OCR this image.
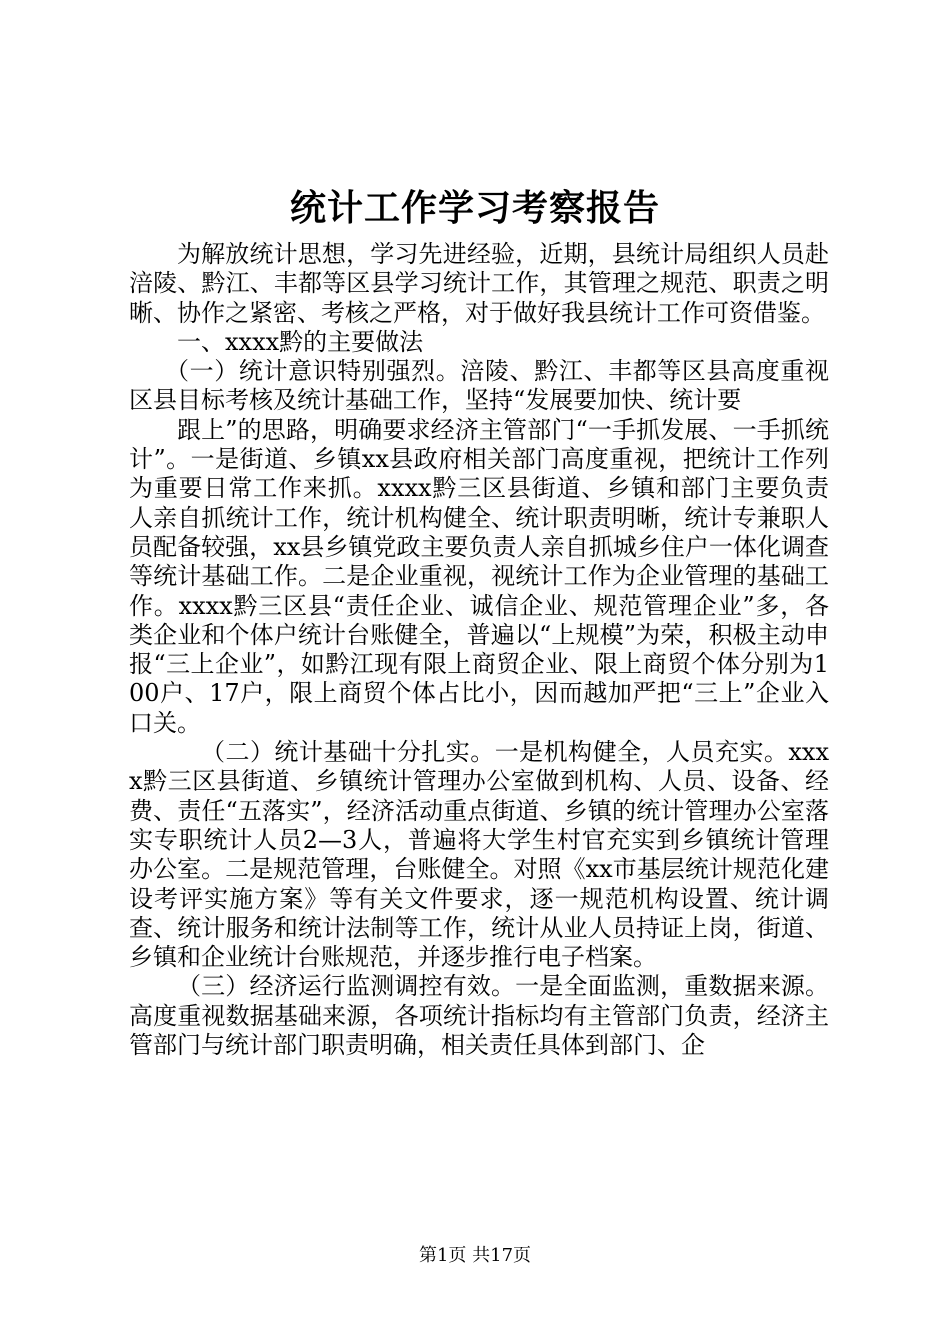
统计工作学习考察报告

为解放统计思想，学习先进经验，近期，县统计局组织人员赴涪陵、黔江、丰都等区县学习统计工作，其管理之规范、职责之明晰、协作之紧密、考核之严格，对于做好我县统计工作可资借鉴。

一、xxxx黔的主要做法

（一）统计意识特别强烈。涪陵、黔江、丰都等区县高度重视区县目标考核及统计基础工作，坚持“发展要加快、统计要

跟上”的思路，明确要求经济主管部门“一手抓发展、一手抓统计”。一是街道、乡镇xx县政府相关部门高度重视，把统计工作列为重要日常工作来抓。xxxx黔三区县街道、乡镇和部门主要负责人亲自抓统计工作，统计机构健全、统计职责明晰，统计专兼职人员配备较强，xx县乡镇党政主要负责人亲自抓城乡住户一体化调查等统计基础工作。二是企业重视，视统计工作为企业管理的基础工作。xxxx黔三区县“责任企业、诚信企业、规范管理企业”多，各类企业和个体户统计台账健全，普遍以“上规模”为荣，积极主动申报“三上企业”，如黔江现有限上商贸企业、限上商贸个体分别为100户、17户，限上商贸个体占比小，因而越加严把“三上”企业入口关。

（二）统计基础十分扎实。一是机构健全，人员充实。xxxx黔三区县街道、乡镇统计管理办公室做到机构、人员、设备、经费、责任“五落实”，经济活动重点街道、乡镇的统计管理办公室落实专职统计人员2—3人，普遍将大学生村官充实到乡镇统计管理办公室。二是规范管理，台账健全。对照《xx市基层统计规范化建设考评实施方案》等有关文件要求，逐一规范机构设置、统计调查、统计服务和统计法制等工作，统计从业人员持证上岗，街道、乡镇和企业统计台账规范，并逐步推行电子档案。

（三）经济运行监测调控有效。一是全面监测，重数据来源。高度重视数据基础来源，各项统计指标均有主管部门负责，经济主管部门与统计部门职责明确，相关责任具体到部门、企

第1页 共17页
